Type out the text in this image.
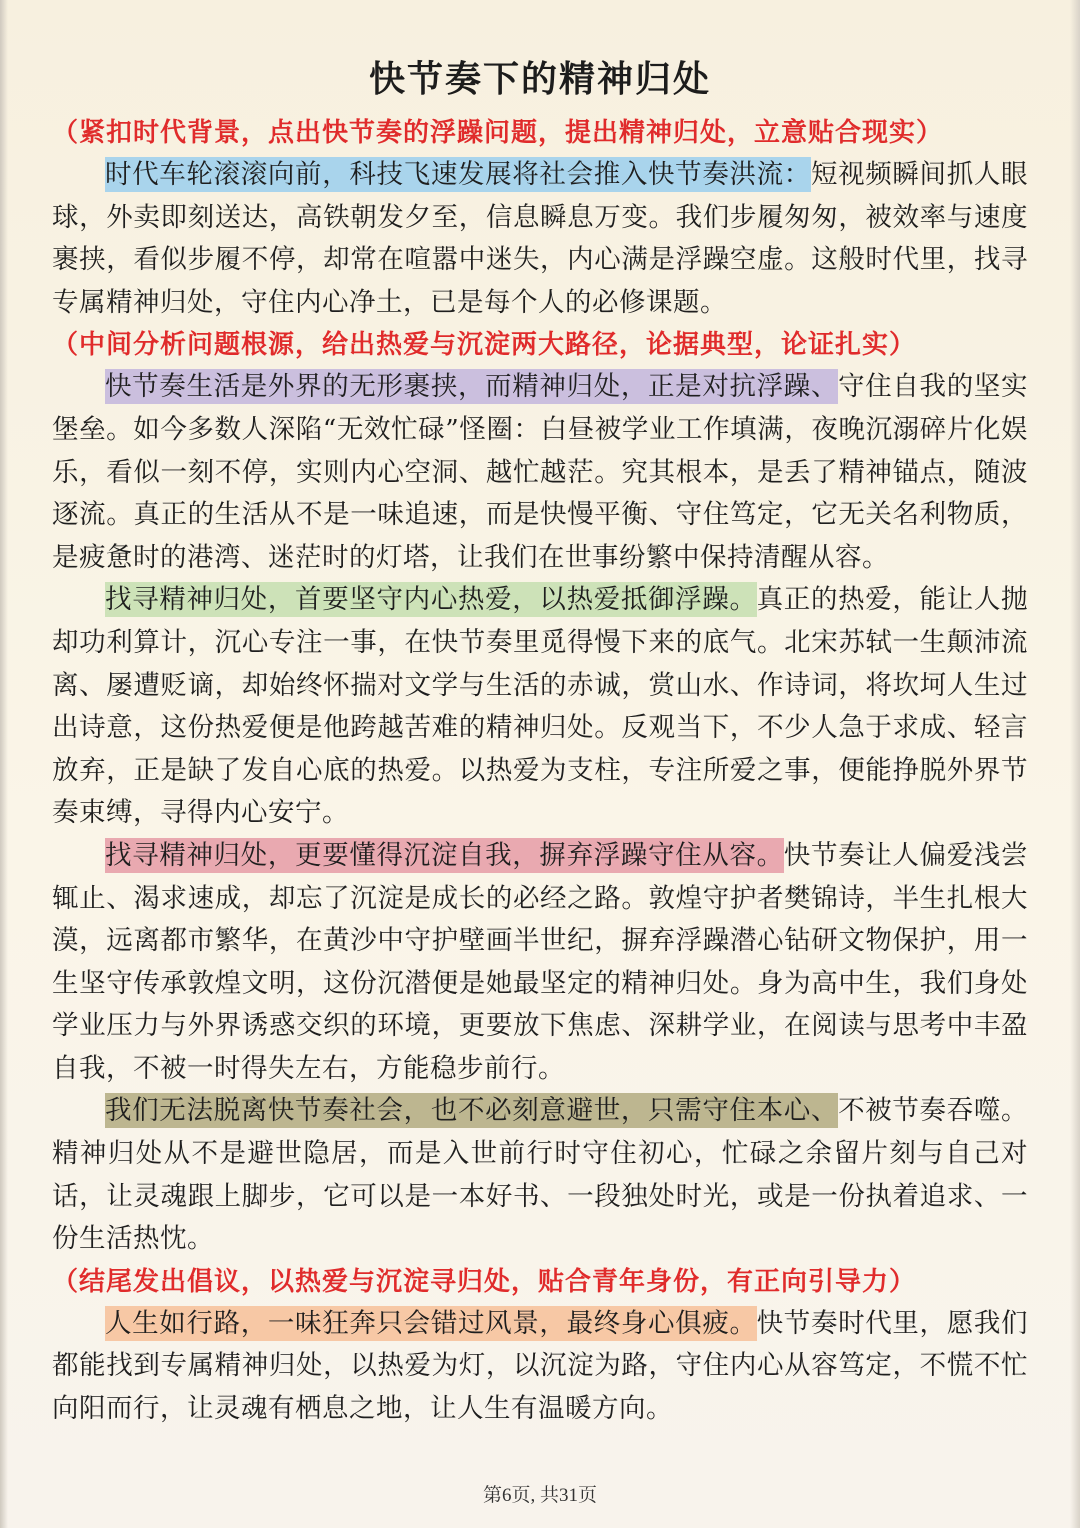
快节奏下的精神归处

（紧扣时代背景，点出快节奏的浮躁问题，提出精神归处，立意贴合现实）

时代车轮滚滚向前，科技飞速发展将社会推入快节奏洪流：短视频瞬间抓人眼球，外卖即刻送达，高铁朝发夕至，信息瞬息万变。我们步履匆匆，被效率与速度裹挟，看似步履不停，却常在喧嚣中迷失，内心满是浮躁空虚。这般时代里，找寻专属精神归处，守住内心净土，已是每个人的必修课题。

（中间分析问题根源，给出热爱与沉淀两大路径，论据典型，论证扎实）

快节奏生活是外界的无形裹挟，而精神归处，正是对抗浮躁、守住自我的坚实堡垒。如今多数人深陷“无效忙碌”怪圈：白昼被学业工作填满，夜晚沉溺碎片化娱乐，看似一刻不停，实则内心空洞、越忙越茫。究其根本，是丢了精神锚点，随波逐流。真正的生活从不是一味追速，而是快慢平衡、守住笃定，它无关名利物质，是疲惫时的港湾、迷茫时的灯塔，让我们在世事纷繁中保持清醒从容。

找寻精神归处，首要坚守内心热爱，以热爱抵御浮躁。真正的热爱，能让人抛却功利算计，沉心专注一事，在快节奏里觅得慢下来的底气。北宋苏轼一生颠沛流离、屡遭贬谪，却始终怀揣对文学与生活的赤诚，赏山水、作诗词，将坎坷人生过出诗意，这份热爱便是他跨越苦难的精神归处。反观当下，不少人急于求成、轻言放弃，正是缺了发自心底的热爱。以热爱为支柱，专注所爱之事，便能挣脱外界节奏束缚，寻得内心安宁。

找寻精神归处，更要懂得沉淀自我，摒弃浮躁守住从容。快节奏让人偏爱浅尝辄止、渴求速成，却忘了沉淀是成长的必经之路。敦煌守护者樊锦诗，半生扎根大漠，远离都市繁华，在黄沙中守护壁画半世纪，摒弃浮躁潜心钻研文物保护，用一生坚守传承敦煌文明，这份沉潜便是她最坚定的精神归处。身为高中生，我们身处学业压力与外界诱惑交织的环境，更要放下焦虑、深耕学业，在阅读与思考中丰盈自我，不被一时得失左右，方能稳步前行。

我们无法脱离快节奏社会，也不必刻意避世，只需守住本心、不被节奏吞噬。精神归处从不是避世隐居，而是入世前行时守住初心，忙碌之余留片刻与自己对话，让灵魂跟上脚步，它可以是一本好书、一段独处时光，或是一份执着追求、一份生活热忱。

（结尾发出倡议，以热爱与沉淀寻归处，贴合青年身份，有正向引导力）

人生如行路，一味狂奔只会错过风景，最终身心俱疲。快节奏时代里，愿我们都能找到专属精神归处，以热爱为灯，以沉淀为路，守住内心从容笃定，不慌不忙向阳而行，让灵魂有栖息之地，让人生有温暖方向。

第6页, 共31页
